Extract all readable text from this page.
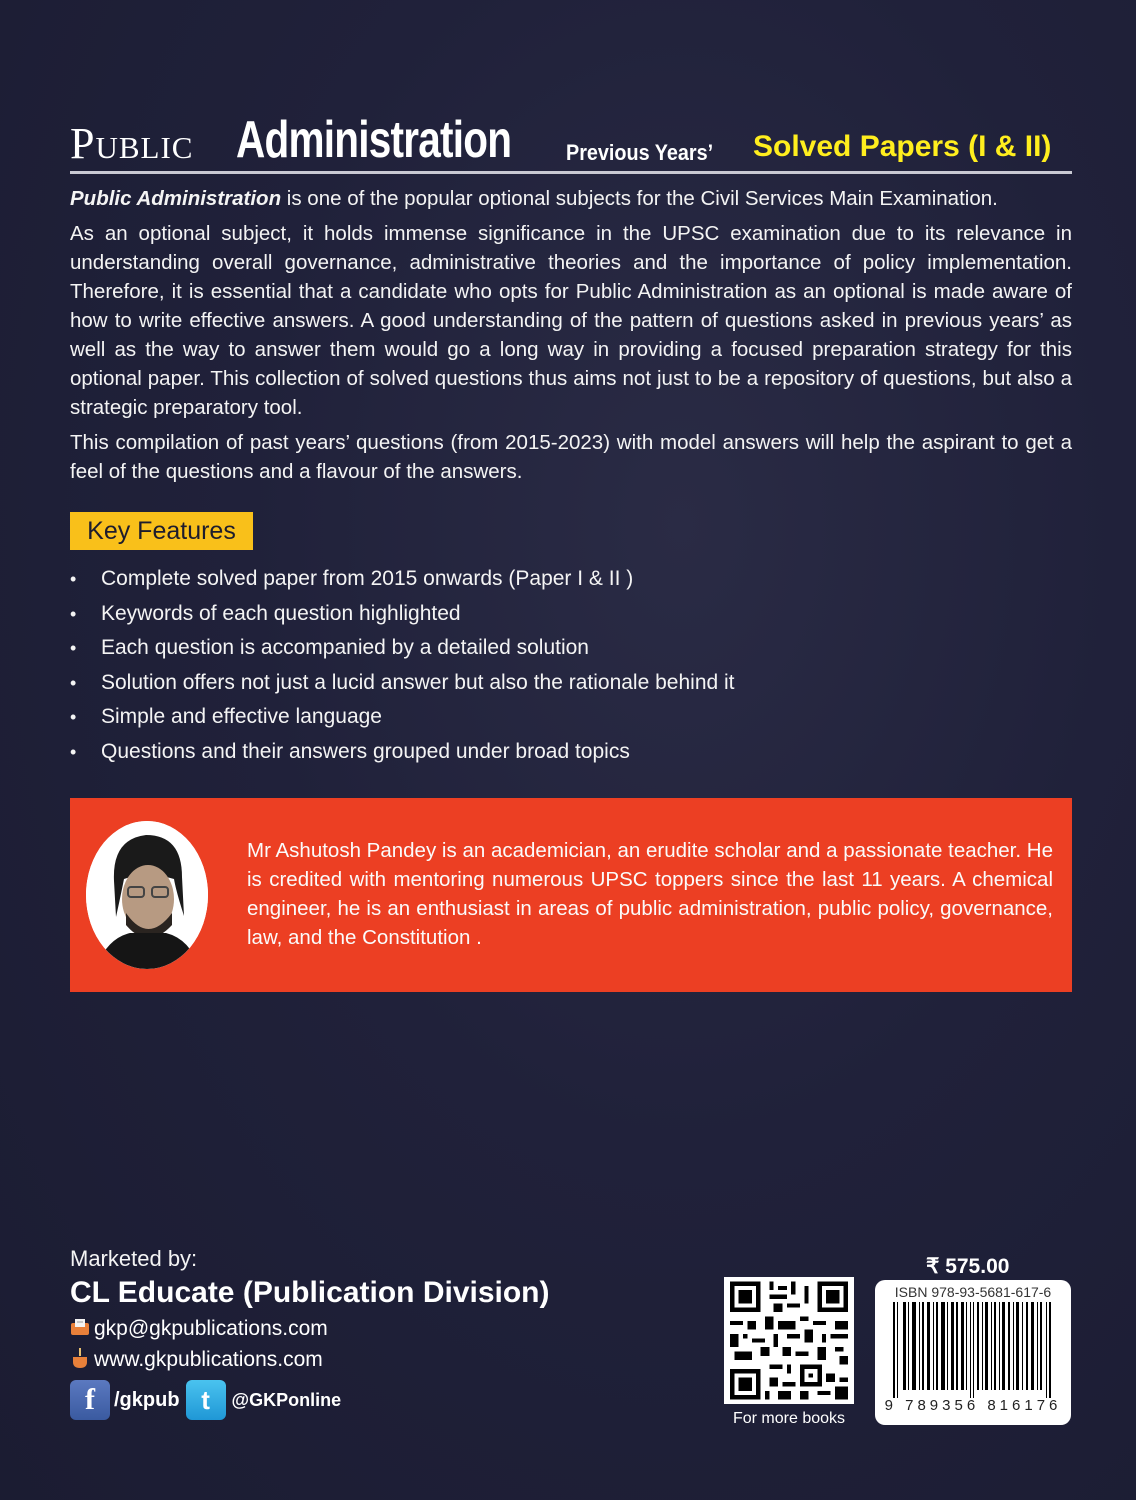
Public Administration Previous Years’ Solved Papers (I & II)

Public Administration is one of the popular optional subjects for the Civil Services Main Examination.

As an optional subject, it holds immense significance in the UPSC examination due to its relevance in understanding overall governance, administrative theories and the importance of policy implementation. Therefore, it is essential that a candidate who opts for Public Administration as an optional is made aware of how to write effective answers. A good understanding of the pattern of questions asked in previous years’ as well as the way to answer them would go a long way in providing a focused preparation strategy for this optional paper. This collection of solved questions thus aims not just to be a repository of questions, but also a strategic preparatory tool.

This compilation of past years’ questions (from 2015-2023) with model answers will help the aspirant to get a feel of the questions and a flavour of the answers.

Key Features
• Complete solved paper from 2015 onwards (Paper I & II )
• Keywords of each question highlighted
• Each question is accompanied by a detailed solution
• Solution offers not just a lucid answer but also the rationale behind it
• Simple and effective language
• Questions and their answers grouped under broad topics
Mr Ashutosh Pandey is an academician, an erudite scholar and a passionate teacher. He is credited with mentoring numerous UPSC toppers since the last 11 years. A chemical engineer, he is an enthusiast in areas of public administration, public policy, governance, law, and the Constitution .
Marketed by:
CL Educate (Publication Division)
gkp@gkpublications.com
www.gkpublications.com
f /gkpub t	@GKPonline
For more books
₹ 575.00
ISBN 978-93-5681-617-6
9 789356 816176
